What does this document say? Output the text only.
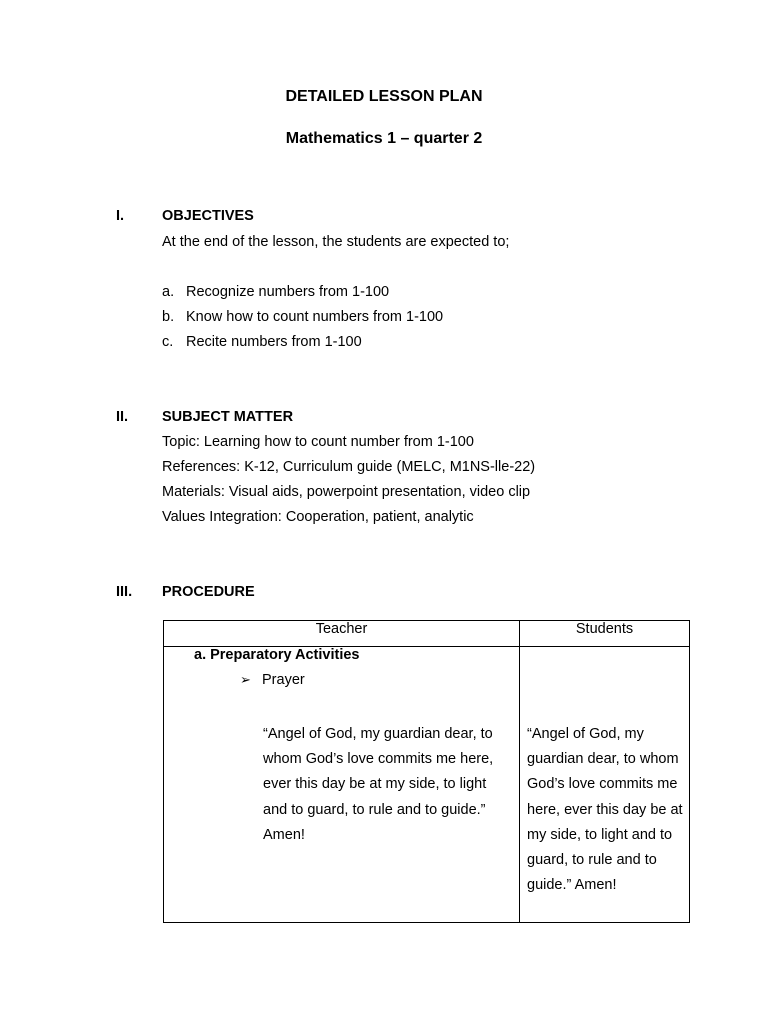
DETAILED LESSON PLAN
Mathematics 1 – quarter 2
I.	OBJECTIVES
At the end of the lesson, the students are expected to;
a. Recognize numbers from 1-100
b. Know how to count numbers from 1-100
c. Recite numbers from 1-100
II. SUBJECT MATTER
Topic: Learning how to count number from 1-100
References: K-12, Curriculum guide (MELC, M1NS-lle-22)
Materials: Visual aids, powerpoint presentation, video clip
Values Integration: Cooperation, patient, analytic
III. PROCEDURE
Teacher	Students

a. Preparatory Activities
➢ Prayer

“Angel of God, my guardian dear, to whom God’s love commits me here, ever this day be at my side, to light and to guard, to rule and to guide.” Amen!	“Angel of God, my guardian dear, to whom God’s love commits me here, ever this day be at my side, to light and to guard, to rule and to guide.” Amen!
